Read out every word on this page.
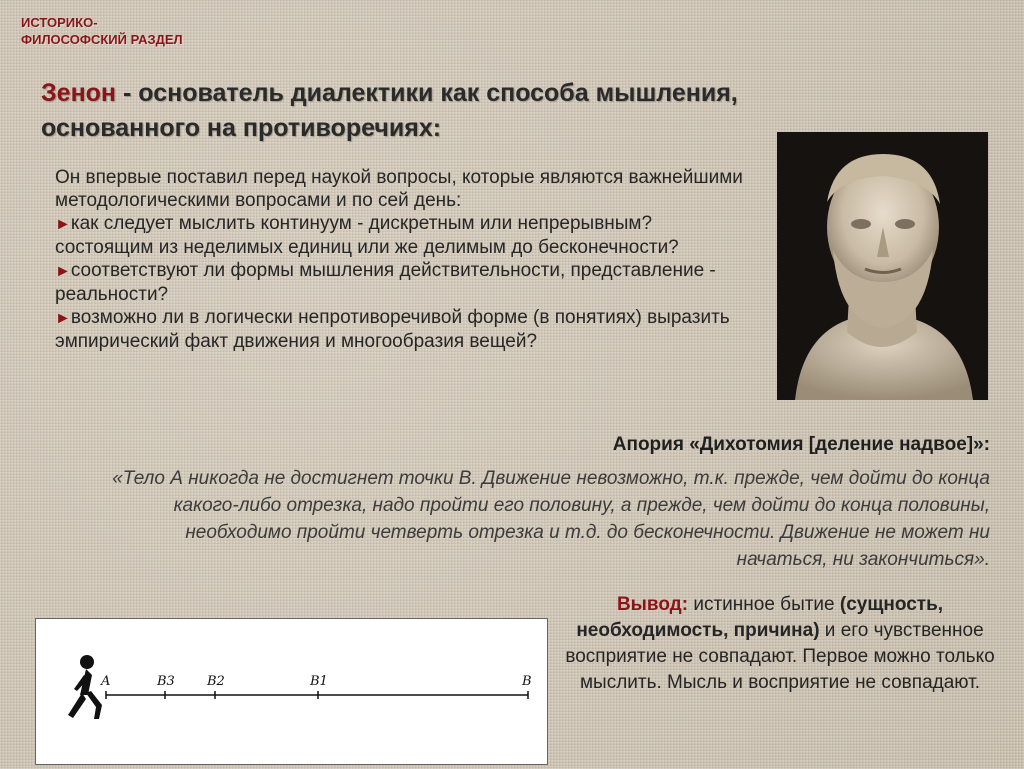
ИСТОРИКО-
ФИЛОСОФСКИЙ РАЗДЕЛ
Зенон - основатель диалектики как способа мышления, основанного на противоречиях:

Он впервые поставил перед наукой вопросы, которые являются важнейшими методологическими вопросами и по сей день:

►как следует мыслить континуум - дискретным или непрерывным? состоящим из неделимых единиц или же делимым до бесконечности?

►соответствуют ли формы мышления действительности, представление - реальности?

►возможно ли в логически непротиворечивой форме (в понятиях) выразить эмпирический факт движения и многообразия вещей?

Апория «Дихотомия [деление надвое]»:
«Тело А никогда не достигнет точки В. Движение невозможно, т.к. прежде, чем дойти до конца какого-либо отрезка, надо пройти его половину, а прежде, чем дойти до конца половины, необходимо пройти четверть отрезка и т.д. до бесконечности. Движение не может ни начаться, ни закончиться».
Вывод: истинное бытие (сущность, необходимость, причина) и его чувственное восприятие не совпадают. Первое можно только мыслить. Мысль и восприятие не совпадают.
A	B3 B2	B1	B
